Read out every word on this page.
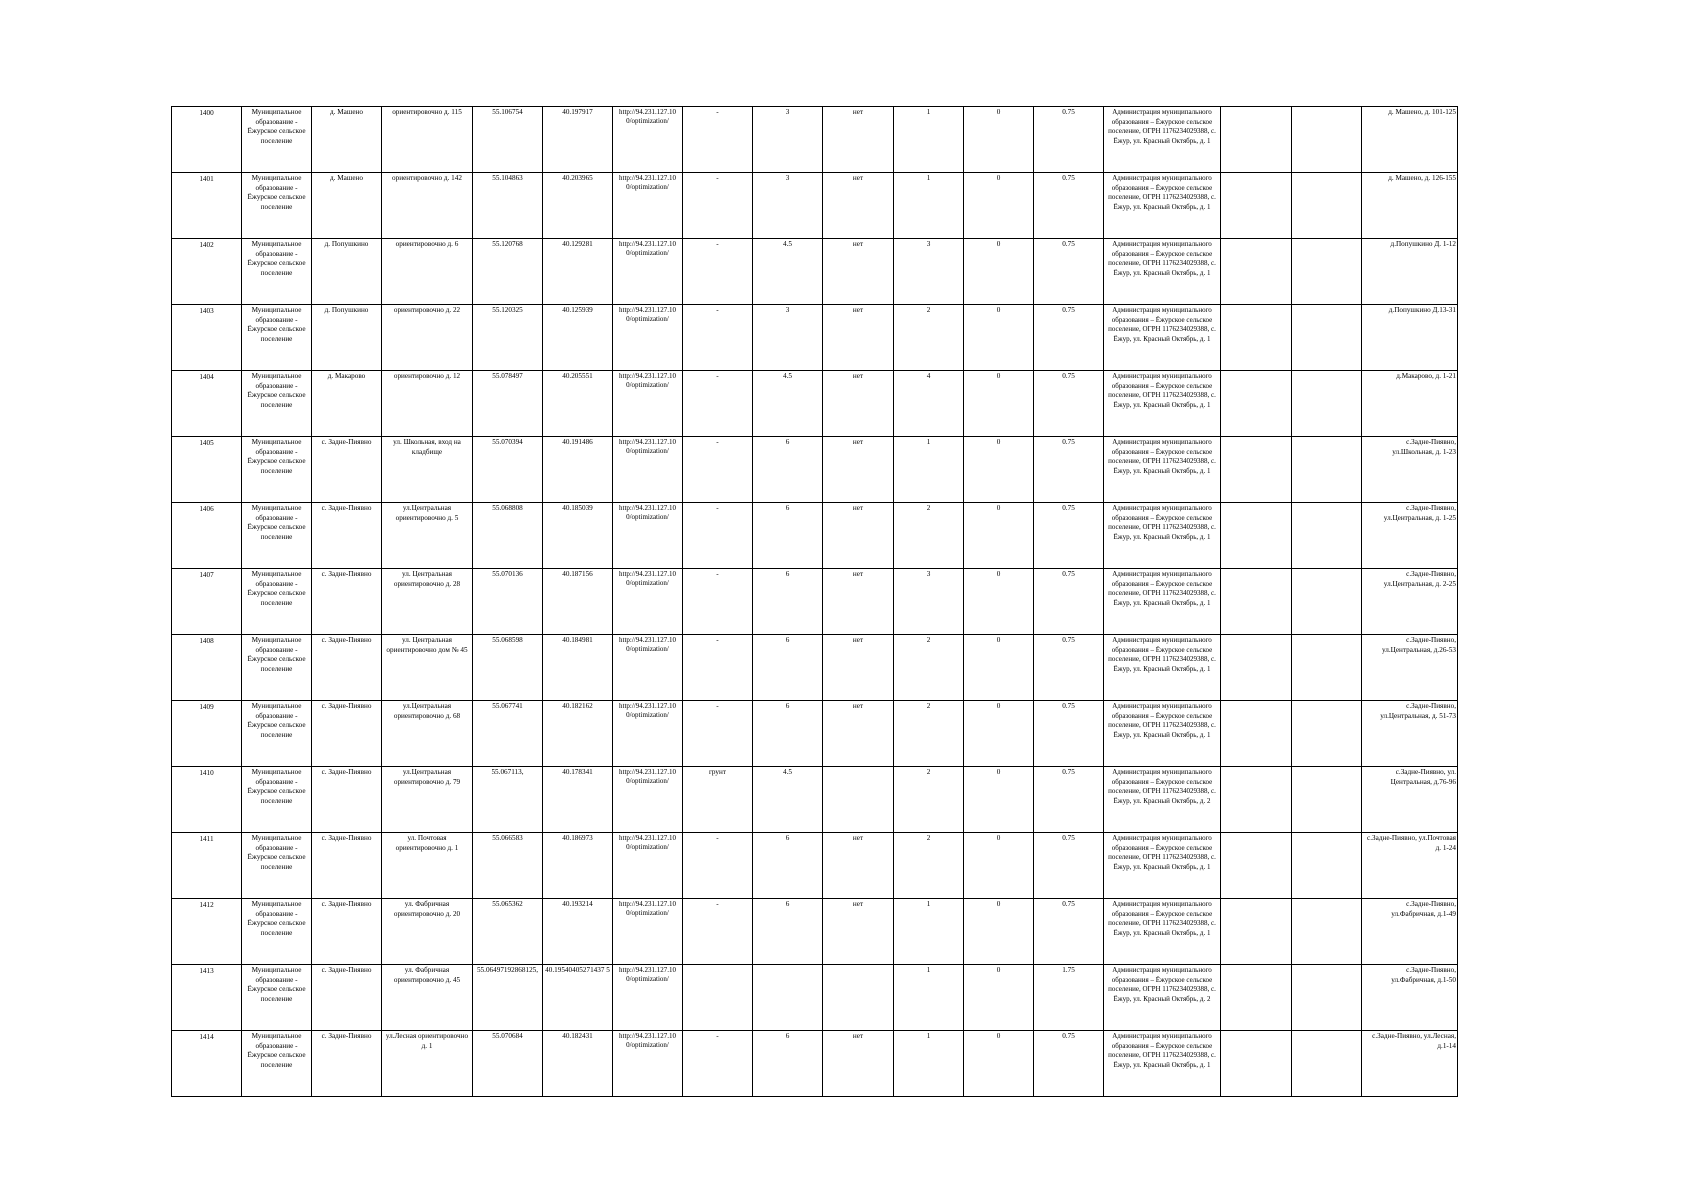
1400	Муниципальное образование - Ёжурское сельское поселение	д. Машено	ориентировочно д. 115	55.106754	40.197917	http://94.231.127.10 0/optimization/	-	3	нет	1	0	0.75	Администрация муниципального образования – Ёжурское сельское поселение, ОГРН 1176234029388, с. Ёжур, ул. Красный Октябрь, д. 1			д. Машено, д. 101-125
1401	Муниципальное образование - Ёжурское сельское поселение	д. Машено	ориентировочно д. 142	55.104863	40.203965	http://94.231.127.10 0/optimization/	-	3	нет	1	0	0.75	Администрация муниципального образования – Ёжурское сельское поселение, ОГРН 1176234029388, с. Ёжур, ул. Красный Октябрь, д. 1			д. Машено, д. 126-155
1402	Муниципальное образование - Ёжурское сельское поселение	д. Попушкино	ориентировочно д. 6	55.120768	40.129281	http://94.231.127.10 0/optimization/	-	4.5	нет	3	0	0.75	Администрация муниципального образования – Ёжурское сельское поселение, ОГРН 1176234029388, с. Ёжур, ул. Красный Октябрь, д. 1			д.Попушкино Д. 1-12
1403	Муниципальное образование - Ёжурское сельское поселение	д. Попушкино	ориентировочно д. 22	55.120325	40.125939	http://94.231.127.10 0/optimization/	-	3	нет	2	0	0.75	Администрация муниципального образования – Ёжурское сельское поселение, ОГРН 1176234029388, с. Ёжур, ул. Красный Октябрь, д. 1			д.Попушкино Д.13-31
1404	Муниципальное образование - Ёжурское сельское поселение	д. Макарово	ориентировочно д. 12	55.078497	40.205551	http://94.231.127.10 0/optimization/	-	4.5	нет	4	0	0.75	Администрация муниципального образования – Ёжурское сельское поселение, ОГРН 1176234029388, с. Ёжур, ул. Красный Октябрь, д. 1			д.Макарово, д. 1-21
1405	Муниципальное образование - Ёжурское сельское поселение	с. Задне-Пиявно	ул. Школьная, вход на кладбище	55.070394	40.191486	http://94.231.127.10 0/optimization/	-	6	нет	1	0	0.75	Администрация муниципального образования – Ёжурское сельское поселение, ОГРН 1176234029388, с. Ёжур, ул. Красный Октябрь, д. 1			с.Задне-Пиявно, ул.Школьная, д. 1-23
1406	Муниципальное образование - Ёжурское сельское поселение	с. Задне-Пиявно	ул.Центральная ориентировочно д. 5	55.068808	40.185039	http://94.231.127.10 0/optimization/	-	6	нет	2	0	0.75	Администрация муниципального образования – Ёжурское сельское поселение, ОГРН 1176234029388, с. Ёжур, ул. Красный Октябрь, д. 1			с.Задне-Пиявно, ул.Центральная, д. 1-25
1407	Муниципальное образование - Ёжурское сельское поселение	с. Задне-Пиявно	ул. Центральная ориентировочно д. 28	55.070136	40.187156	http://94.231.127.10 0/optimization/	-	6	нет	3	0	0.75	Администрация муниципального образования – Ёжурское сельское поселение, ОГРН 1176234029388, с. Ёжур, ул. Красный Октябрь, д. 1			с.Задне-Пиявно, ул.Центральная, д. 2-25
1408	Муниципальное образование - Ёжурское сельское поселение	с. Задне-Пиявно	ул. Центральная ориентировочно дом № 45	55.068598	40.184981	http://94.231.127.10 0/optimization/	-	6	нет	2	0	0.75	Администрация муниципального образования – Ёжурское сельское поселение, ОГРН 1176234029388, с. Ёжур, ул. Красный Октябрь, д. 1			с.Задне-Пиявно, ул.Центральная, д.26-53
1409	Муниципальное образование - Ёжурское сельское поселение	с. Задне-Пиявно	ул.Центральная ориентировочно д. 68	55.067741	40.182162	http://94.231.127.10 0/optimization/	-	6	нет	2	0	0.75	Администрация муниципального образования – Ёжурское сельское поселение, ОГРН 1176234029388, с. Ёжур, ул. Красный Октябрь, д. 1			с.Задне-Пиявно, ул.Центральная, д. 51-73
1410	Муниципальное образование - Ёжурское сельское поселение	с. Задне-Пиявно	ул.Центральная ориентировочно д. 79	55.067113,	40.178341	http://94.231.127.10 0/optimization/	грунт	4.5		2	0	0.75	Администрация муниципального образования – Ёжурское сельское поселение, ОГРН 1176234029388, с. Ёжур, ул. Красный Октябрь, д. 2			с.Задне-Пиявно, ул. Центральная, д.76-96
1411	Муниципальное образование - Ёжурское сельское поселение	с. Задне-Пиявно	ул. Почтовая ориентировочно д. 1	55.066583	40.186973	http://94.231.127.10 0/optimization/	-	6	нет	2	0	0.75	Администрация муниципального образования – Ёжурское сельское поселение, ОГРН 1176234029388, с. Ёжур, ул. Красный Октябрь, д. 1			с.Задне-Пиявно, ул.Почтовая д. 1-24
1412	Муниципальное образование - Ёжурское сельское поселение	с. Задне-Пиявно	ул. Фабричная ориентировочно д. 20	55.065362	40.193214	http://94.231.127.10 0/optimization/	-	6	нет	1	0	0.75	Администрация муниципального образования – Ёжурское сельское поселение, ОГРН 1176234029388, с. Ёжур, ул. Красный Октябрь, д. 1			с.Задне-Пиявно, ул.Фабричная, д.1-49
1413	Муниципальное образование - Ёжурское сельское поселение	с. Задне-Пиявно	ул. Фабричная ориентировочно д. 45	55.06497192868125,	40.19540405271437 5	http://94.231.127.10 0/optimization/				1	0	1.75	Администрация муниципального образования – Ёжурское сельское поселение, ОГРН 1176234029388, с. Ёжур, ул. Красный Октябрь, д. 2			с.Задне-Пиявно, ул.Фабричная, д.1-50
1414	Муниципальное образование - Ёжурское сельское поселение	с. Задне-Пиявно	ул.Лесная ориентировочно д. 1	55.070684	40.182431	http://94.231.127.10 0/optimization/	-	6	нет	1	0	0.75	Администрация муниципального образования – Ёжурское сельское поселение, ОГРН 1176234029388, с. Ёжур, ул. Красный Октябрь, д. 1			с.Задне-Пиявно, ул.Лесная, д.1-14
